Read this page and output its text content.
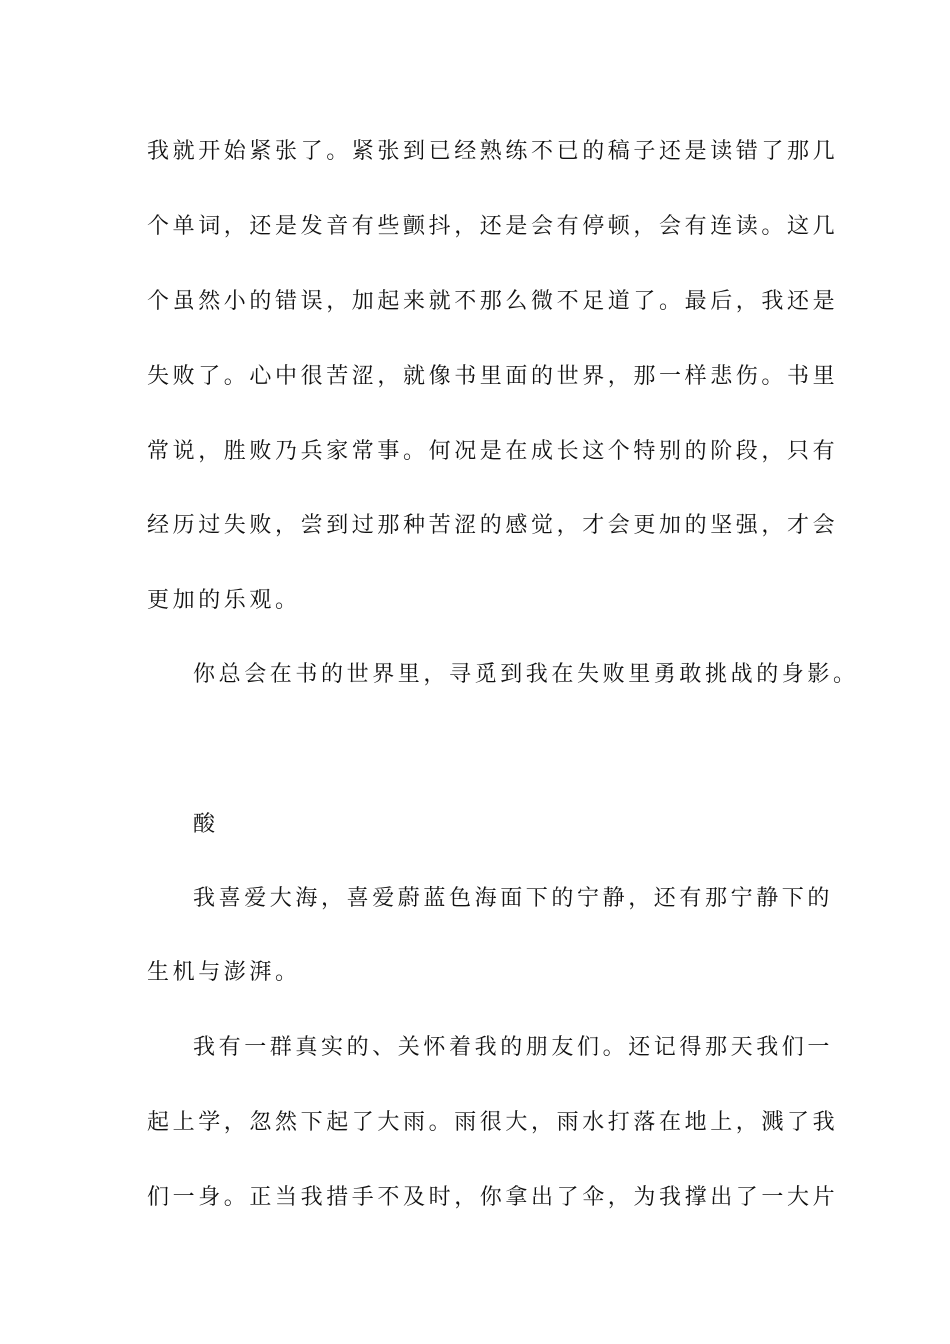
我就开始紧张了。紧张到已经熟练不已的稿子还是读错了那几
个单词，还是发音有些颤抖，还是会有停顿，会有连读。这几
个虽然小的错误，加起来就不那么微不足道了。最后，我还是
失败了。心中很苦涩，就像书里面的世界，那一样悲伤。书里
常说，胜败乃兵家常事。何况是在成长这个特别的阶段，只有
经历过失败，尝到过那种苦涩的感觉，才会更加的坚强，才会
更加的乐观。
你总会在书的世界里，寻觅到我在失败里勇敢挑战的身影。
酸
我喜爱大海，喜爱蔚蓝色海面下的宁静，还有那宁静下的
生机与澎湃。
我有一群真实的、关怀着我的朋友们。还记得那天我们一
起上学，忽然下起了大雨。雨很大，雨水打落在地上，溅了我
们一身。正当我措手不及时，你拿出了伞，为我撑出了一大片
